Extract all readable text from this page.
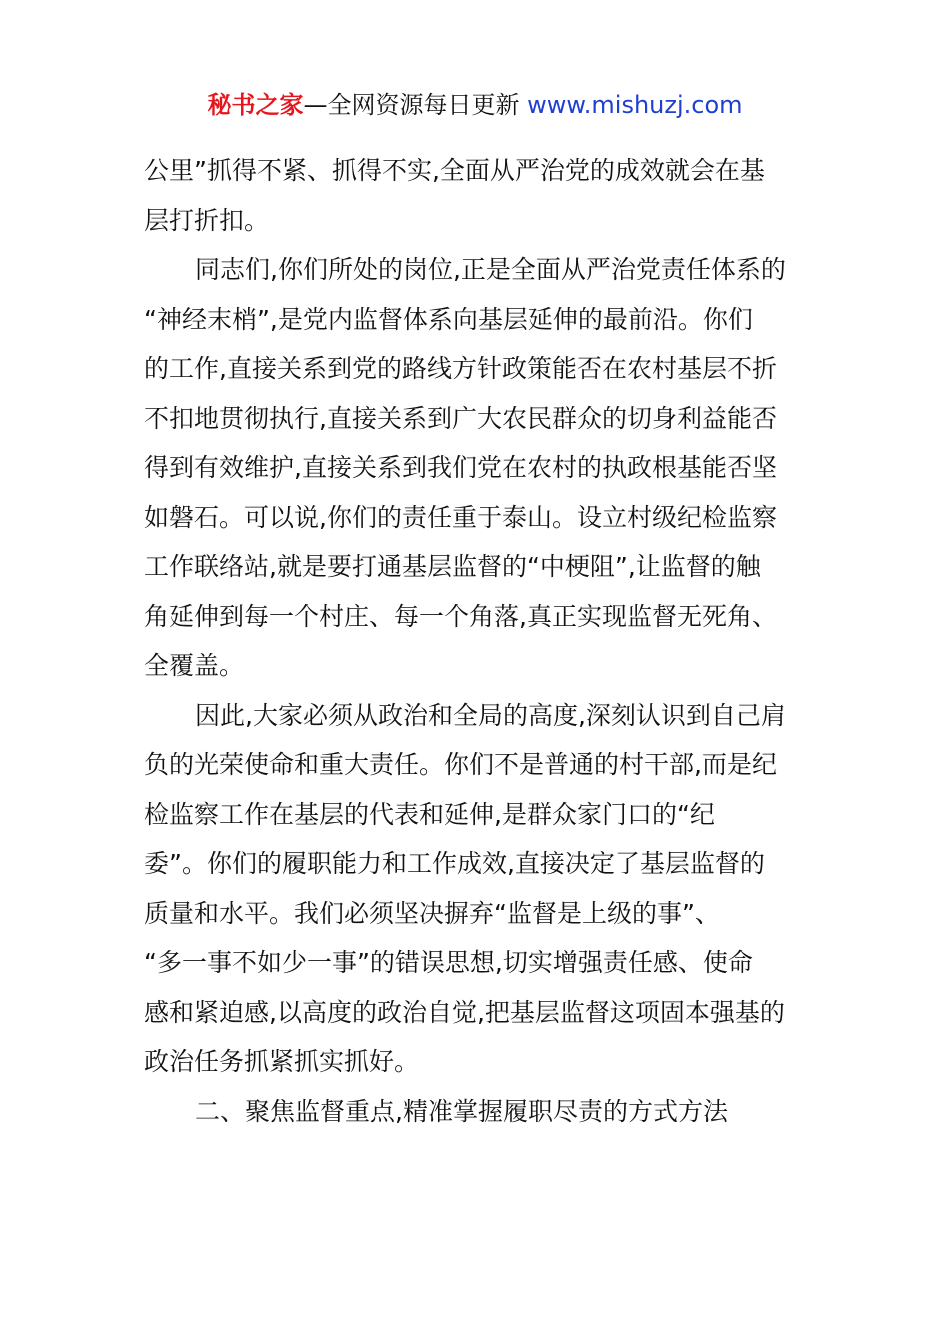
秘书之家—全网资源每日更新 www.mishuzj.com
公里”抓得不紧、抓得不实,全面从严治党的成效就会在基
层打折扣。
同志们,你们所处的岗位,正是全面从严治党责任体系的
“神经末梢”,是党内监督体系向基层延伸的最前沿。你们
的工作,直接关系到党的路线方针政策能否在农村基层不折
不扣地贯彻执行,直接关系到广大农民群众的切身利益能否
得到有效维护,直接关系到我们党在农村的执政根基能否坚
如磐石。可以说,你们的责任重于泰山。设立村级纪检监察
工作联络站,就是要打通基层监督的“中梗阻”,让监督的触
角延伸到每一个村庄、每一个角落,真正实现监督无死角、
全覆盖。
因此,大家必须从政治和全局的高度,深刻认识到自己肩
负的光荣使命和重大责任。你们不是普通的村干部,而是纪
检监察工作在基层的代表和延伸,是群众家门口的“纪
委”。你们的履职能力和工作成效,直接决定了基层监督的
质量和水平。我们必须坚决摒弃“监督是上级的事”、
“多一事不如少一事”的错误思想,切实增强责任感、使命
感和紧迫感,以高度的政治自觉,把基层监督这项固本强基的
政治任务抓紧抓实抓好。
二、聚焦监督重点,精准掌握履职尽责的方式方法
